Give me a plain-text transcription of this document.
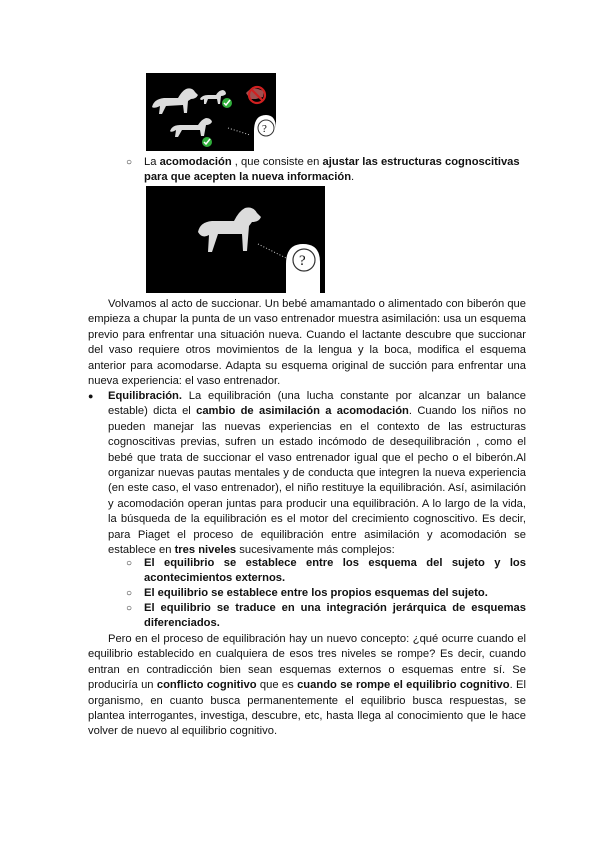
?
○ La acomodación , que consiste en ajustar las estructuras cognoscitivas para que acepten la nueva información.
?
Volvamos al acto de succionar. Un bebé amamantado o alimentado con biberón que empieza a chupar la punta de un vaso entrenador muestra asimilación: usa un esquema previo para enfrentar una situación nueva. Cuando el lactante descubre que succionar del vaso requiere otros movimientos de la lengua y la boca, modifica el esquema anterior para acomodarse. Adapta su esquema original de succión para enfrentar una nueva experiencia: el vaso entrenador.
● Equilibración. La equilibración (una lucha constante por alcanzar un balance estable) dicta el cambio de asimilación a acomodación. Cuando los niños no pueden manejar las nuevas experiencias en el contexto de las estructuras cognoscitivas previas, sufren un estado incómodo de desequilibración , como el bebé que trata de succionar el vaso entrenador igual que el pecho o el biberón.Al organizar nuevas pautas mentales y de conducta que integren la nueva experiencia (en este caso, el vaso entrenador), el niño restituye la equilibración. Así, asimilación y acomodación operan juntas para producir una equilibración. A lo largo de la vida, la búsqueda de la equilibración es el motor del crecimiento cognoscitivo. Es decir, para Piaget el proceso de equilibración entre asimilación y acomodación se establece en tres niveles sucesivamente más complejos:
○ El equilibrio se establece entre los esquema del sujeto y los acontecimientos externos.
○ El equilibrio se establece entre los propios esquemas del sujeto.
○ El equilibrio se traduce en una integración jerárquica de esquemas diferenciados.
Pero en el proceso de equilibración hay un nuevo concepto: ¿qué ocurre cuando el equilibrio establecido en cualquiera de esos tres niveles se rompe? Es decir, cuando entran en contradicción bien sean esquemas externos o esquemas entre sí. Se produciría un conflicto cognitivo que es cuando se rompe el equilibrio cognitivo. El organismo, en cuanto busca permanentemente el equilibrio busca respuestas, se plantea interrogantes, investiga, descubre, etc, hasta llega al conocimiento que le hace volver de nuevo al equilibrio cognitivo.
